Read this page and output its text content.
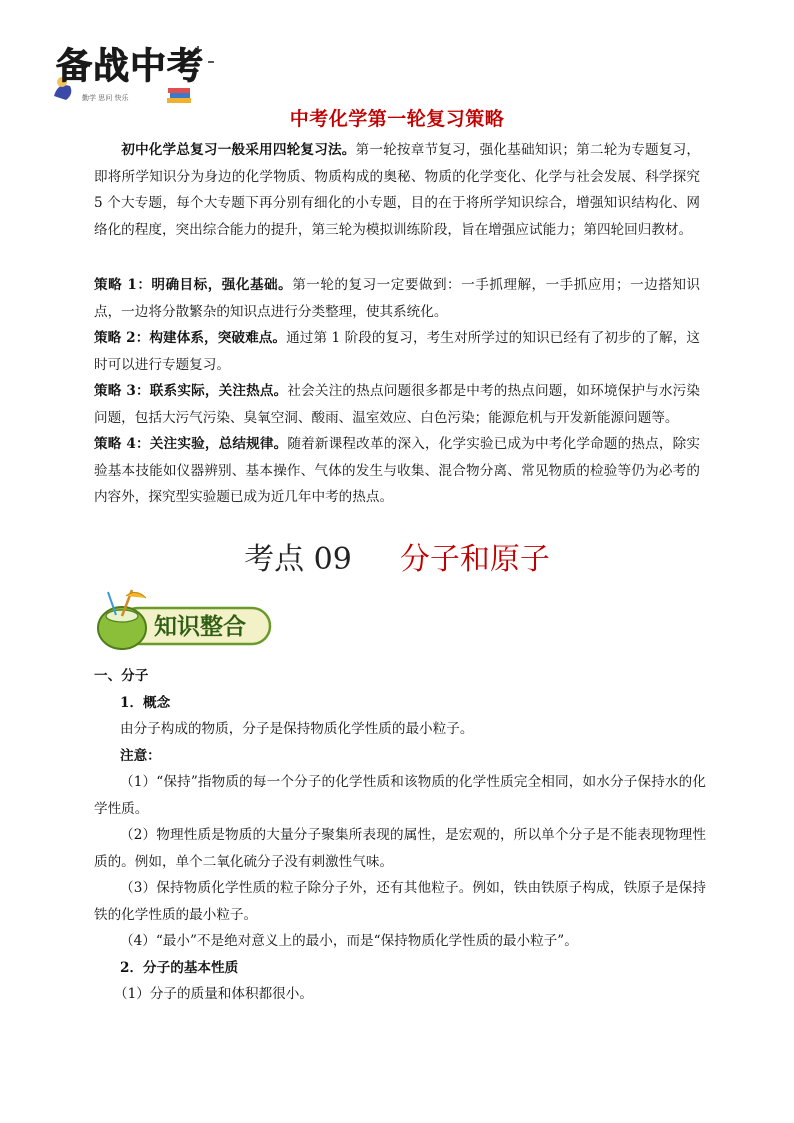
备战中考
勤学 思问 快乐
中考化学第一轮复习策略
初中化学总复习一般采用四轮复习法。第一轮按章节复习，强化基础知识；第二轮为专题复习，即将所学知识分为身边的化学物质、物质构成的奥秘、物质的化学变化、化学与社会发展、科学探究 5 个大专题，每个大专题下再分别有细化的小专题，目的在于将所学知识综合，增强知识结构化、网络化的程度，突出综合能力的提升，第三轮为模拟训练阶段，旨在增强应试能力；第四轮回归教材。

策略 1：明确目标，强化基础。第一轮的复习一定要做到：一手抓理解，一手抓应用；一边搭知识点，一边将分散繁杂的知识点进行分类整理，使其系统化。

策略 2：构建体系，突破难点。通过第 1 阶段的复习，考生对所学过的知识已经有了初步的了解，这时可以进行专题复习。

策略 3：联系实际，关注热点。社会关注的热点问题很多都是中考的热点问题，如环境保护与水污染问题，包括大污气污染、臭氧空洞、酸雨、温室效应、白色污染；能源危机与开发新能源问题等。

策略 4：关注实验，总结规律。随着新课程改革的深入，化学实验已成为中考化学命题的热点，除实验基本技能如仪器辨别、基本操作、气体的发生与收集、混合物分离、常见物质的检验等仍为必考的内容外，探究型实验题已成为近几年中考的热点。

考点 09 分子和原子
知识整合

一、分子

1．概念

由分子构成的物质，分子是保持物质化学性质的最小粒子。

注意：

（1）“保持”指物质的每一个分子的化学性质和该物质的化学性质完全相同，如水分子保持水的化学性质。

（2）物理性质是物质的大量分子聚集所表现的属性，是宏观的，所以单个分子是不能表现物理性质的。例如，单个二氧化硫分子没有刺激性气味。

（3）保持物质化学性质的粒子除分子外，还有其他粒子。例如，铁由铁原子构成，铁原子是保持铁的化学性质的最小粒子。

（4）“最小”不是绝对意义上的最小，而是“保持物质化学性质的最小粒子”。

2．分子的基本性质

（1）分子的质量和体积都很小。
